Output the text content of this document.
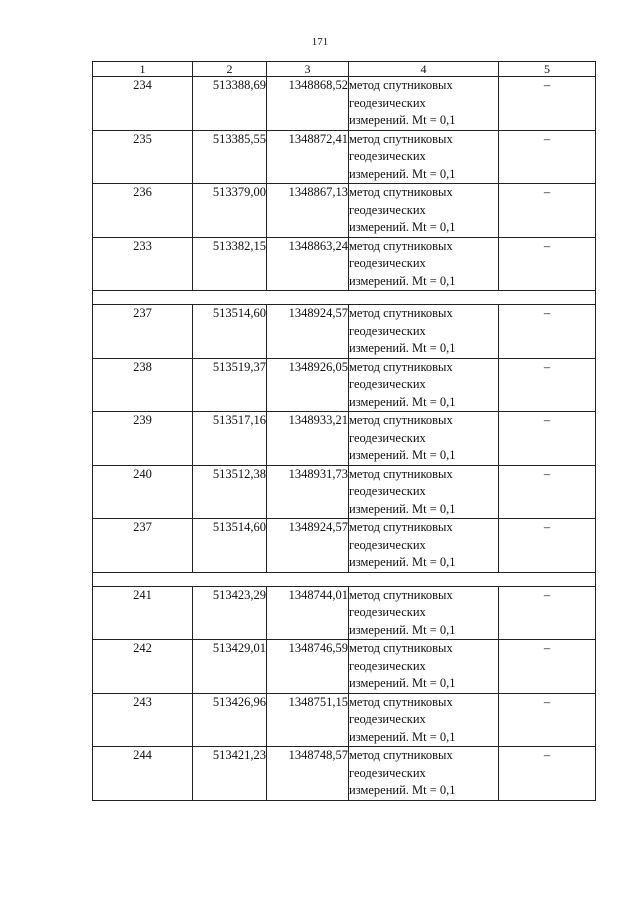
171
1	2	3	4	5
234	513388,69	1348868,52	метод спутниковых
геодезических
измерений. Mt = 0,1	–
235	513385,55	1348872,41	метод спутниковых
геодезических
измерений. Mt = 0,1	–
236	513379,00	1348867,13	метод спутниковых
геодезических
измерений. Mt = 0,1	–
233	513382,15	1348863,24	метод спутниковых
геодезических
измерений. Mt = 0,1	–

237	513514,60	1348924,57	метод спутниковых
геодезических
измерений. Mt = 0,1	–
238	513519,37	1348926,05	метод спутниковых
геодезических
измерений. Mt = 0,1	–
239	513517,16	1348933,21	метод спутниковых
геодезических
измерений. Mt = 0,1	–
240	513512,38	1348931,73	метод спутниковых
геодезических
измерений. Mt = 0,1	–
237	513514,60	1348924,57	метод спутниковых
геодезических
измерений. Mt = 0,1	–

241	513423,29	1348744,01	метод спутниковых
геодезических
измерений. Mt = 0,1	–
242	513429,01	1348746,59	метод спутниковых
геодезических
измерений. Mt = 0,1	–
243	513426,96	1348751,15	метод спутниковых
геодезических
измерений. Mt = 0,1	–
244	513421,23	1348748,57	метод спутниковых
геодезических
измерений. Mt = 0,1	–
